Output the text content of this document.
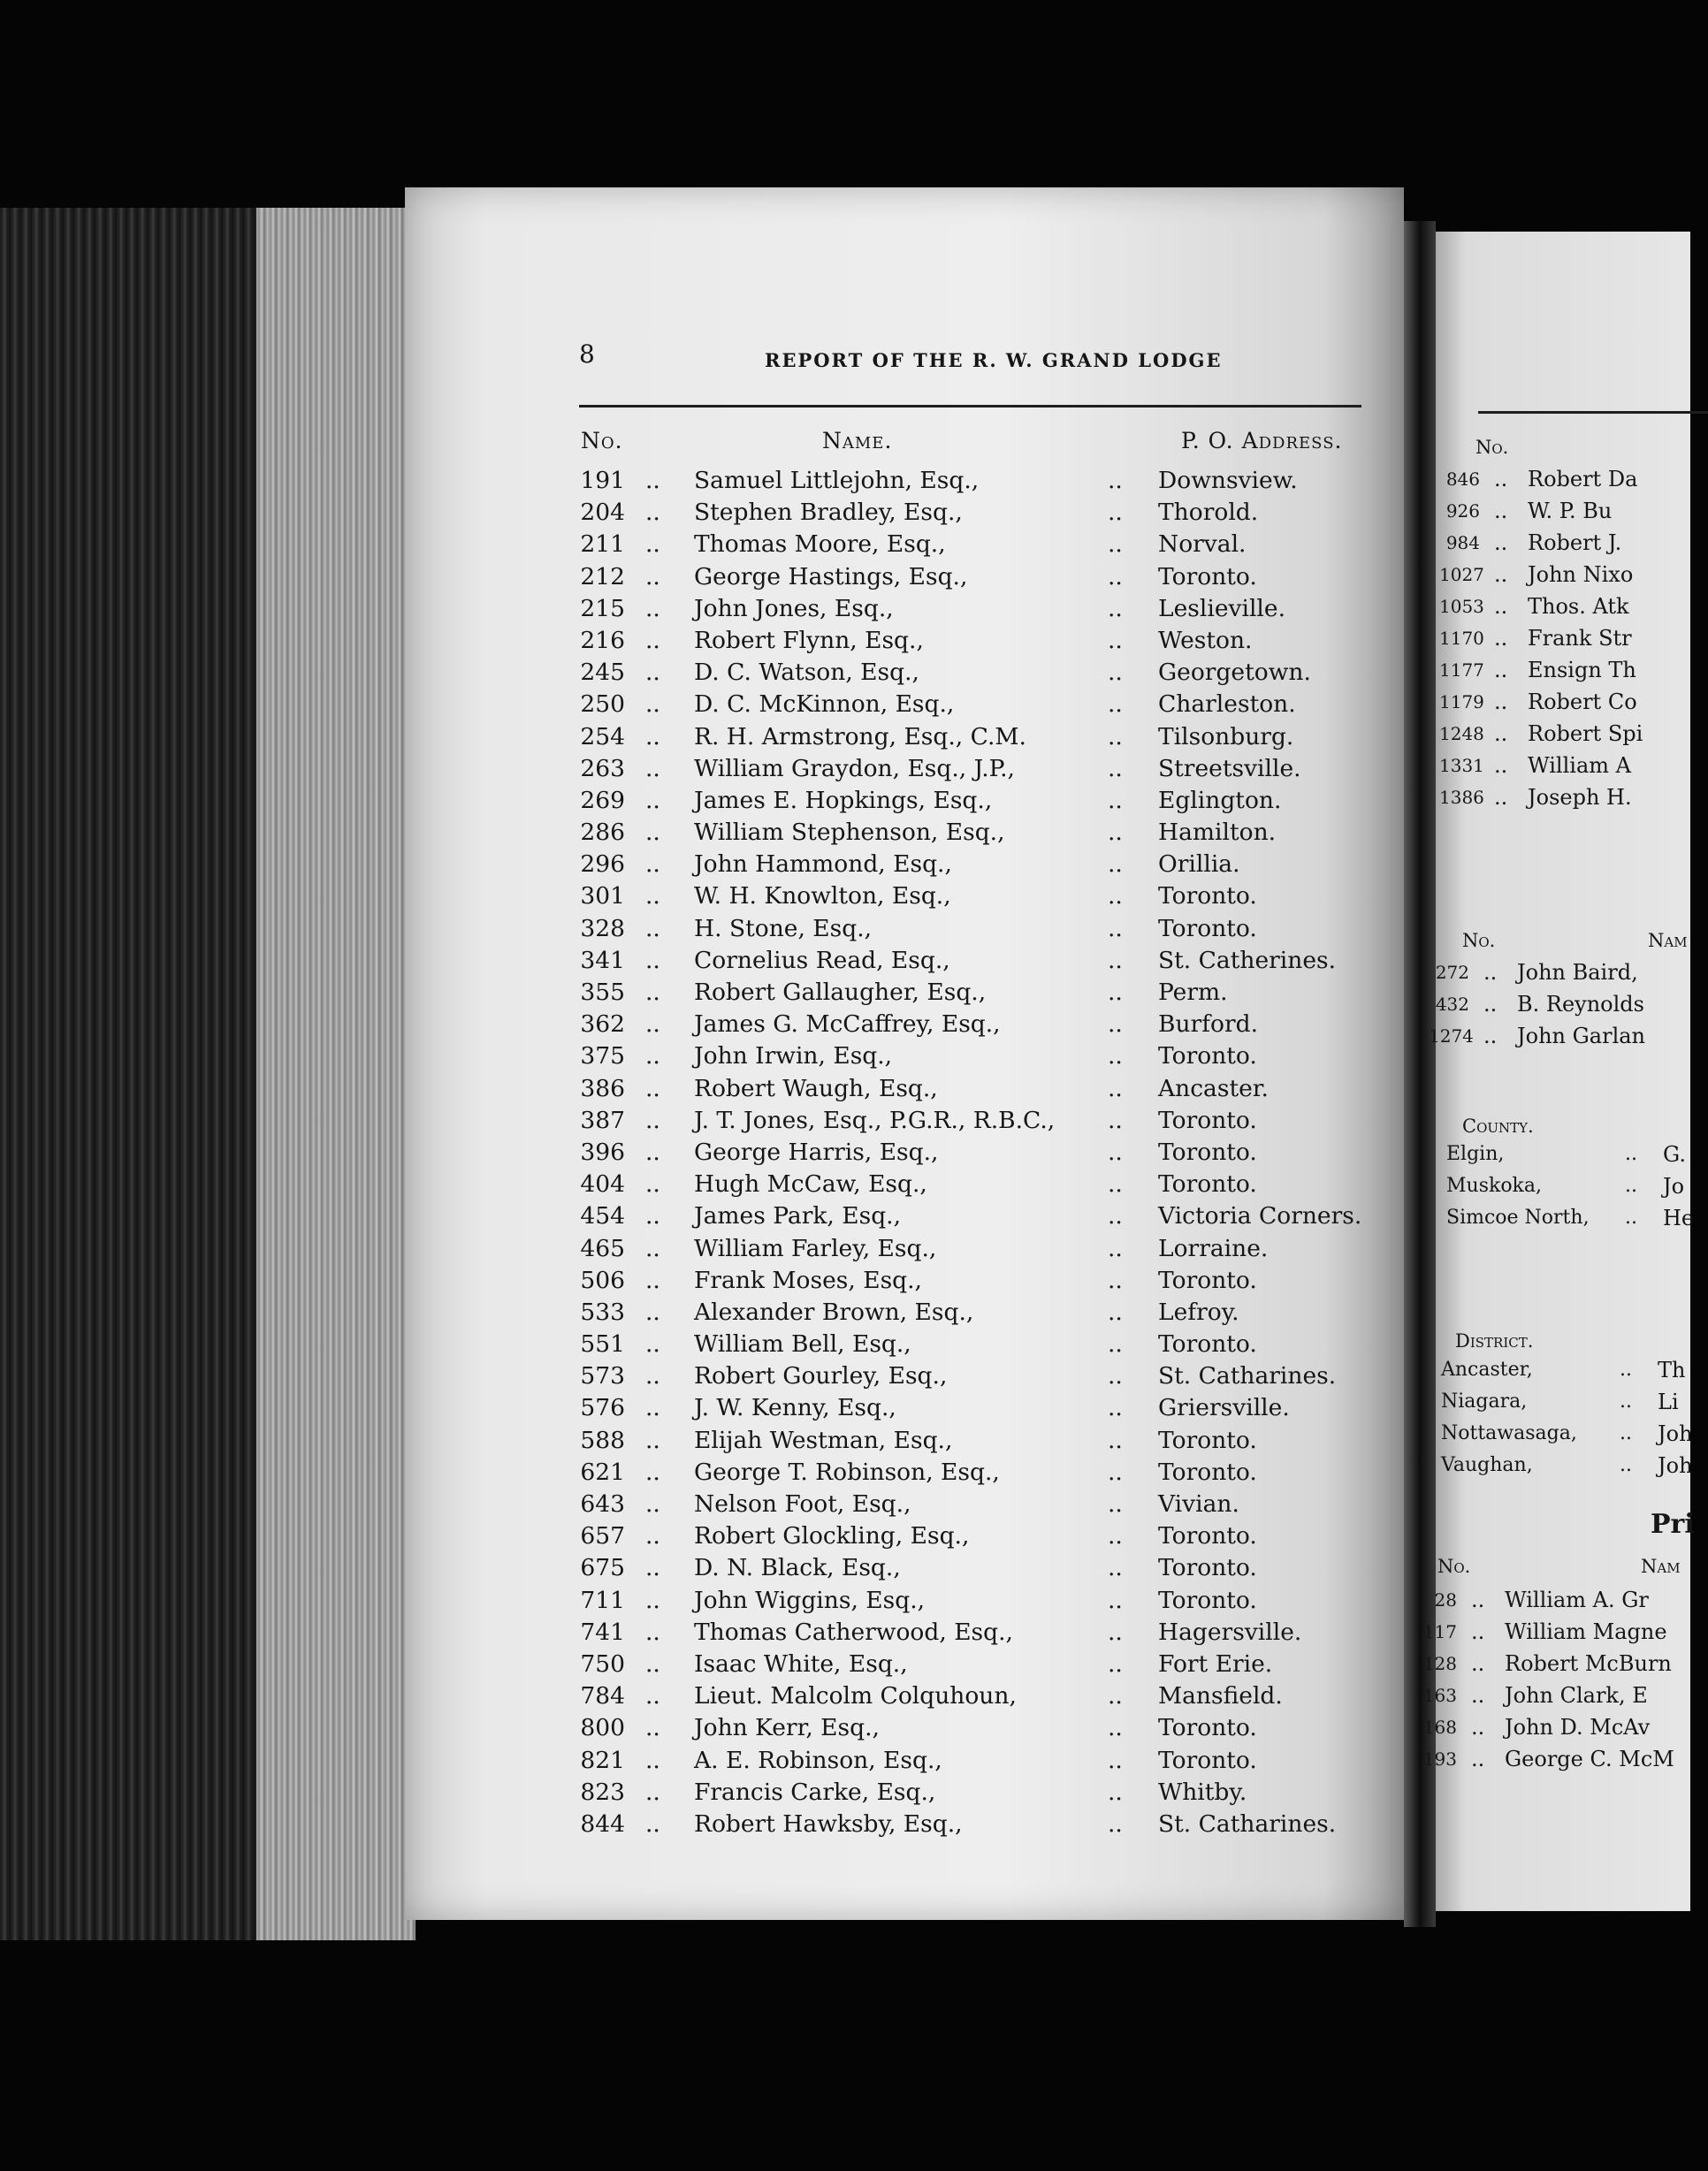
No.
846 .. Robert Da
926 .. W. P. Bu
984 .. Robert J.
1027 .. John Nixo
1053 .. Thos. Atk
1170 .. Frank Str
1177 .. Ensign Th
1179 .. Robert Co
1248 .. Robert Spi
1331 .. William A
1386 .. Joseph H.
No.	Nam
272 .. John Baird,
432 .. B. Reynolds
1274 .. John Garlan
County.
Elgin,	.. G.
Muskoka,	.. Jo
Simcoe North, .. He
District.
Ancaster,	.. Th
Niagara,	.. Li
Nottawasaga, .. Joh
Vaughan,	.. Joh
Pri
No.	Nam
28 .. William A. Gr
117 .. William Magne
128 .. Robert McBurn
163 .. John Clark, E
168 .. John D. McAv
193 .. George C. McM
8	REPORT OF THE R. W. GRAND LODGE
No.	Name.	P. O. Address.
191 .. Samuel Littlejohn, Esq.,	.. Downsview.
204 .. Stephen Bradley, Esq.,	.. Thorold.
211 .. Thomas Moore, Esq.,	.. Norval.
212 .. George Hastings, Esq.,	.. Toronto.
215 .. John Jones, Esq.,	.. Leslieville.
216 .. Robert Flynn, Esq.,	.. Weston.
245 .. D. C. Watson, Esq.,	.. Georgetown.
250 .. D. C. McKinnon, Esq.,	.. Charleston.
254 .. R. H. Armstrong, Esq., C.M.	.. Tilsonburg.
263 .. William Graydon, Esq., J.P.,	.. Streetsville.
269 .. James E. Hopkings, Esq.,	.. Eglington.
286 .. William Stephenson, Esq.,	.. Hamilton.
296 .. John Hammond, Esq.,	.. Orillia.
301 .. W. H. Knowlton, Esq.,	.. Toronto.
328 .. H. Stone, Esq.,	.. Toronto.
341 .. Cornelius Read, Esq.,	.. St. Catherines.
355 .. Robert Gallaugher, Esq.,	.. Perm.
362 .. James G. McCaffrey, Esq.,	.. Burford.
375 .. John Irwin, Esq.,	.. Toronto.
386 .. Robert Waugh, Esq.,	.. Ancaster.
387 .. J. T. Jones, Esq., P.G.R., R.B.C., .. Toronto.
396 .. George Harris, Esq.,	.. Toronto.
404 .. Hugh McCaw, Esq.,	.. Toronto.
454 .. James Park, Esq.,	.. Victoria Corners.
465 .. William Farley, Esq.,	.. Lorraine.
506 .. Frank Moses, Esq.,	.. Toronto.
533 .. Alexander Brown, Esq.,	.. Lefroy.
551 .. William Bell, Esq.,	.. Toronto.
573 .. Robert Gourley, Esq.,	.. St. Catharines.
576 .. J. W. Kenny, Esq.,	.. Griersville.
588 .. Elijah Westman, Esq.,	.. Toronto.
621 .. George T. Robinson, Esq.,	.. Toronto.
643 .. Nelson Foot, Esq.,	.. Vivian.
657 .. Robert Glockling, Esq.,	.. Toronto.
675 .. D. N. Black, Esq.,	.. Toronto.
711 .. John Wiggins, Esq.,	.. Toronto.
741 .. Thomas Catherwood, Esq.,	.. Hagersville.
750 .. Isaac White, Esq.,	.. Fort Erie.
784 .. Lieut. Malcolm Colquhoun,	.. Mansfield.
800 .. John Kerr, Esq.,	.. Toronto.
821 .. A. E. Robinson, Esq.,	.. Toronto.
823 .. Francis Carke, Esq.,	.. Whitby.
844 .. Robert Hawksby, Esq.,	.. St. Catharines.
